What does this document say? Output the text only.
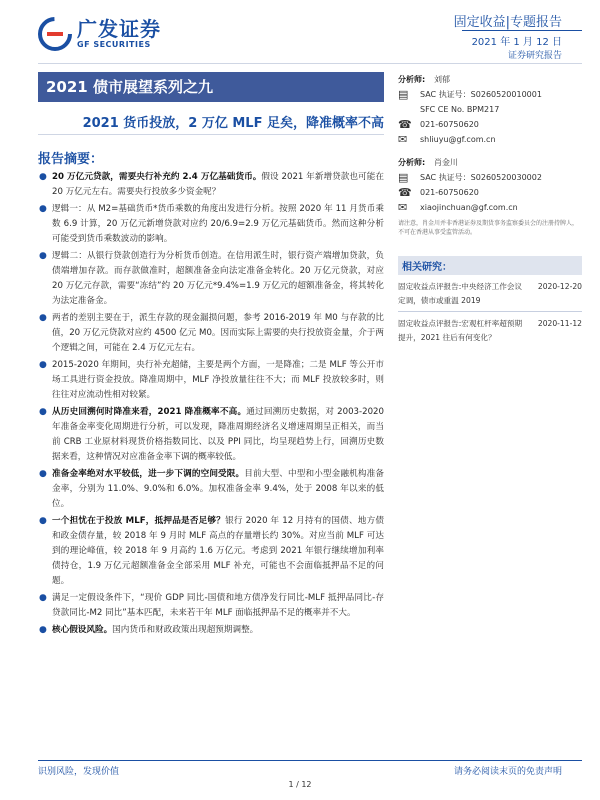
广发证券
GF SECURITIES
固定收益|专题报告
2021 年 1 月 12 日
证券研究报告
2021 债市展望系列之九
2021 货币投放，2 万亿 MLF 足矣，降准概率不高
报告摘要：
● 20 万亿元贷款，需要央行补充约 2.4 万亿基础货币。假设 2021 年新增贷款也可能在 20 万亿元左右。需要央行投放多少资金呢？
● 逻辑一：从 M2=基础货币*货币乘数的角度出发进行分析。按照 2020 年 11 月货币乘数 6.9 计算，20 万亿元新增贷款对应约 20/6.9=2.9 万亿元基础货币。然而这种分析可能受到货币乘数波动的影响。
● 逻辑二：从银行贷款创造行为分析货币创造。在信用派生时，银行资产端增加贷款，负债端增加存款。而存款做准时，超额准备金向法定准备金转化。20 万亿元贷款，对应 20 万亿元存款，需要“冻结”约 20 万亿元*9.4%=1.9 万亿元的超额准备金，将其转化为法定准备金。
● 两者的差别主要在于，派生存款的现金漏损问题，参考 2016-2019 年 M0 与存款的比值，20 万亿元贷款对应约 4500 亿元 M0。因而实际上需要的央行投放资金量，介于两个逻辑之间，可能在 2.4 万亿元左右。
● 2015-2020 年期间，央行补充超储，主要是两个方面，一是降准；二是 MLF 等公开市场工具进行资金投放。降准周期中，MLF 净投放量往往不大；而 MLF 投放较多时，则往往对应流动性相对较紧。
● 从历史回溯何时降准来看，2021 降准概率不高。通过回溯历史数据，对 2003-2020 年准备金率变化周期进行分析，可以发现，降准周期经济名义增速周期呈正相关，而当前 CRB 工业原材料现货价格指数同比、以及 PPI 同比，均呈现趋势上行，回溯历史数据来看，这种情况对应准备金率下调的概率较低。
● 准备金率绝对水平较低，进一步下调的空间受限。目前大型、中型和小型金融机构准备金率，分别为 11.0%、9.0%和 6.0%。加权准备金率 9.4%，处于 2008 年以来的低位。
● 一个担忧在于投放 MLF，抵押品是否足够？银行 2020 年 12 月持有的国债、地方债和政金债存量，较 2018 年 9 月时 MLF 高点的存量增长约 30%。对应当前 MLF 可达到的理论峰值，较 2018 年 9 月高约 1.6 万亿元。考虑到 2021 年银行继续增加利率债持仓，1.9 万亿元超额准备金全部采用 MLF 补充，可能也不会面临抵押品不足的问题。
● 满足一定假设条件下，“现价 GDP 同比-国债和地方债净发行同比-MLF 抵押品同比-存贷款同比-M2 同比”基本匹配，未来若干年 MLF 面临抵押品不足的概率并不大。
● 核心假设风险。国内货币和财政政策出现超预期调整。
分析师:	刘郁
▤	SAC 执证号：S0260520010001
SFC CE No. BPM217
☎	021-60750620
✉	shliuyu@gf.com.cn
分析师:	肖金川
▤	SAC 执证号：S0260520030002
☎	021-60750620
✉	xiaojinchuan@gf.com.cn
请注意，肖金川并非香港证券及期货事务监察委员会的注册持牌人，不可在香港从事受监管活动。
相关研究：
固定收益点评报告:中央经济工作会议定调，债市或重温 2019
2020-12-20
固定收益点评报告:宏观杠杆率超预期提升，2021 往后有何变化？
2020-11-12
识别风险，发现价值	请务必阅读末页的免责声明
1 / 12
